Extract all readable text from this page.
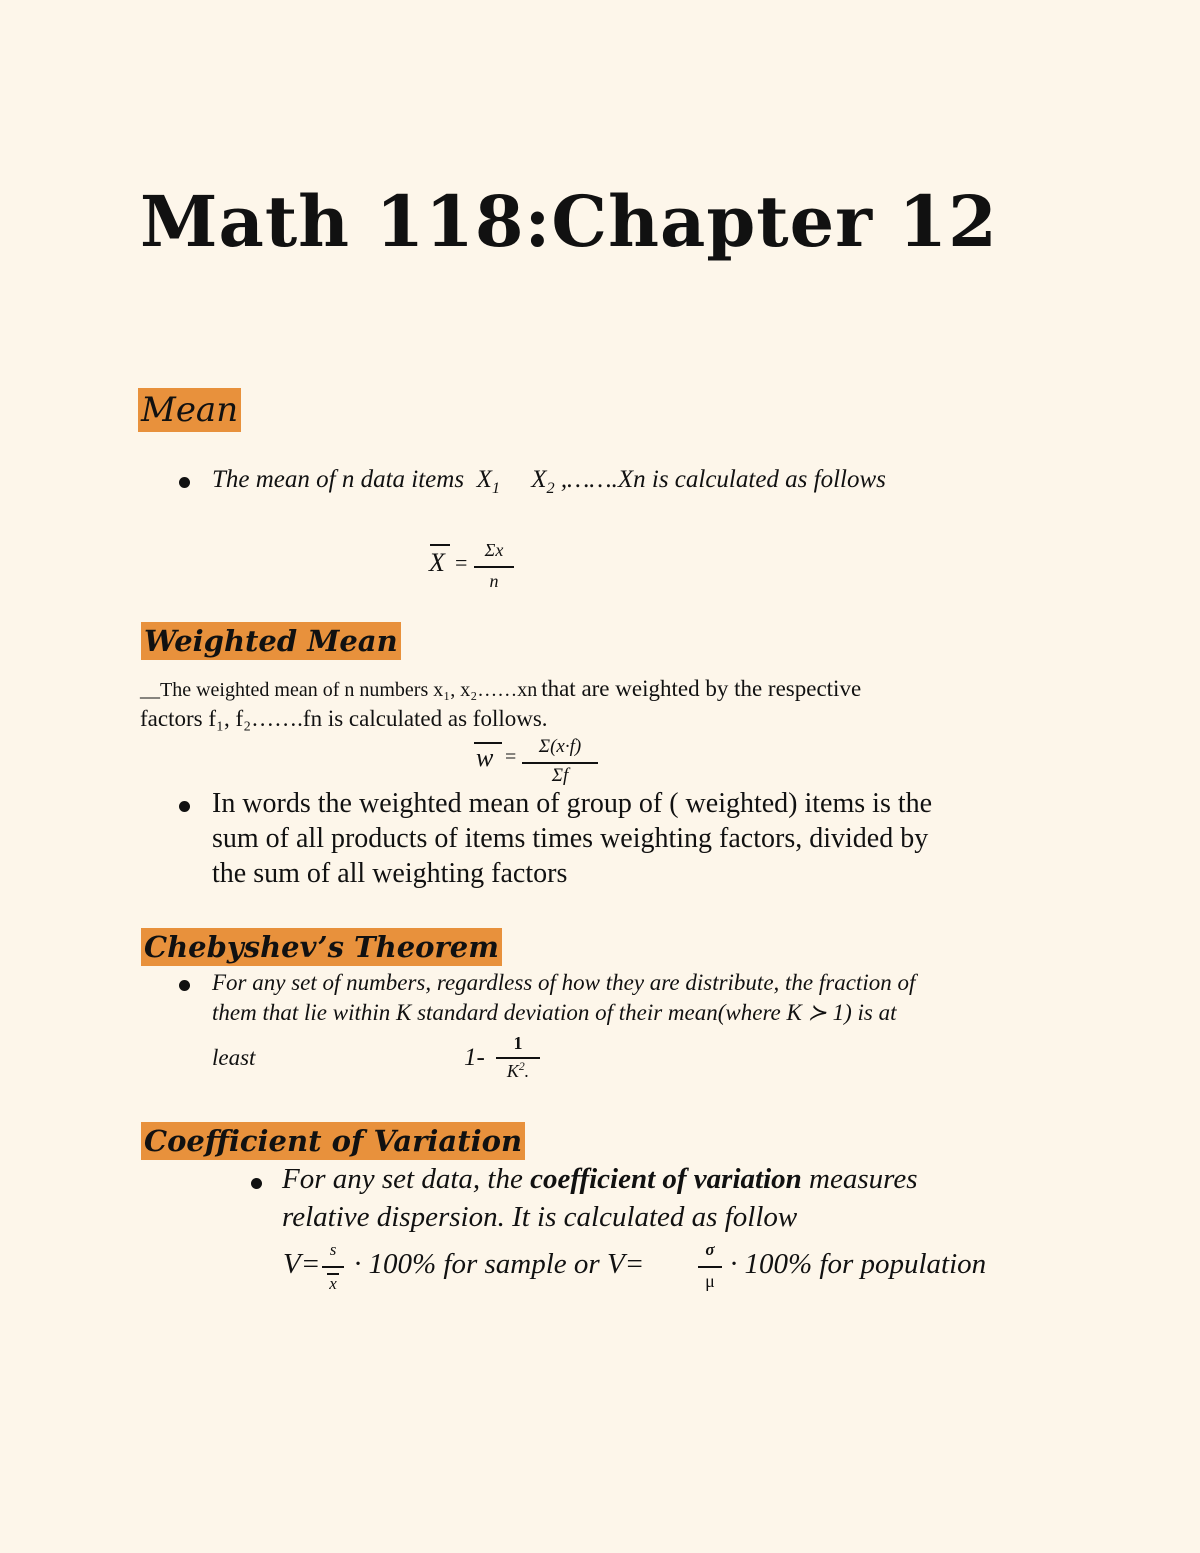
Math 118:Chapter 12
Mean
The mean of n data items $X_1$ $X_2$ ,…….Xn is calculated as follows
X = Σx
n
Weighted Mean
__The weighted mean of n numbers x₁, x₂……xn that are weighted by the respective
factors f₁, f₂…….fn is calculated as follows.
w =	Σ(x·f)
Σf
In words the weighted mean of group of ( weighted) items is the
sum of all products of items times weighting factors, divided by
the sum of all weighting factors
Chebyshev’s Theorem
For any set of numbers, regardless of how they are distribute, the fraction of
them that lie within K standard deviation of their mean(where K ≻ 1) is at
least	1-
1
$K^2$.
Coefficient of Variation
For any set data, the coefficient of variation measures
relative dispersion. It is calculated as follow
V= s
x
· 100% for sample or V=	σ
μ
· 100% for population
